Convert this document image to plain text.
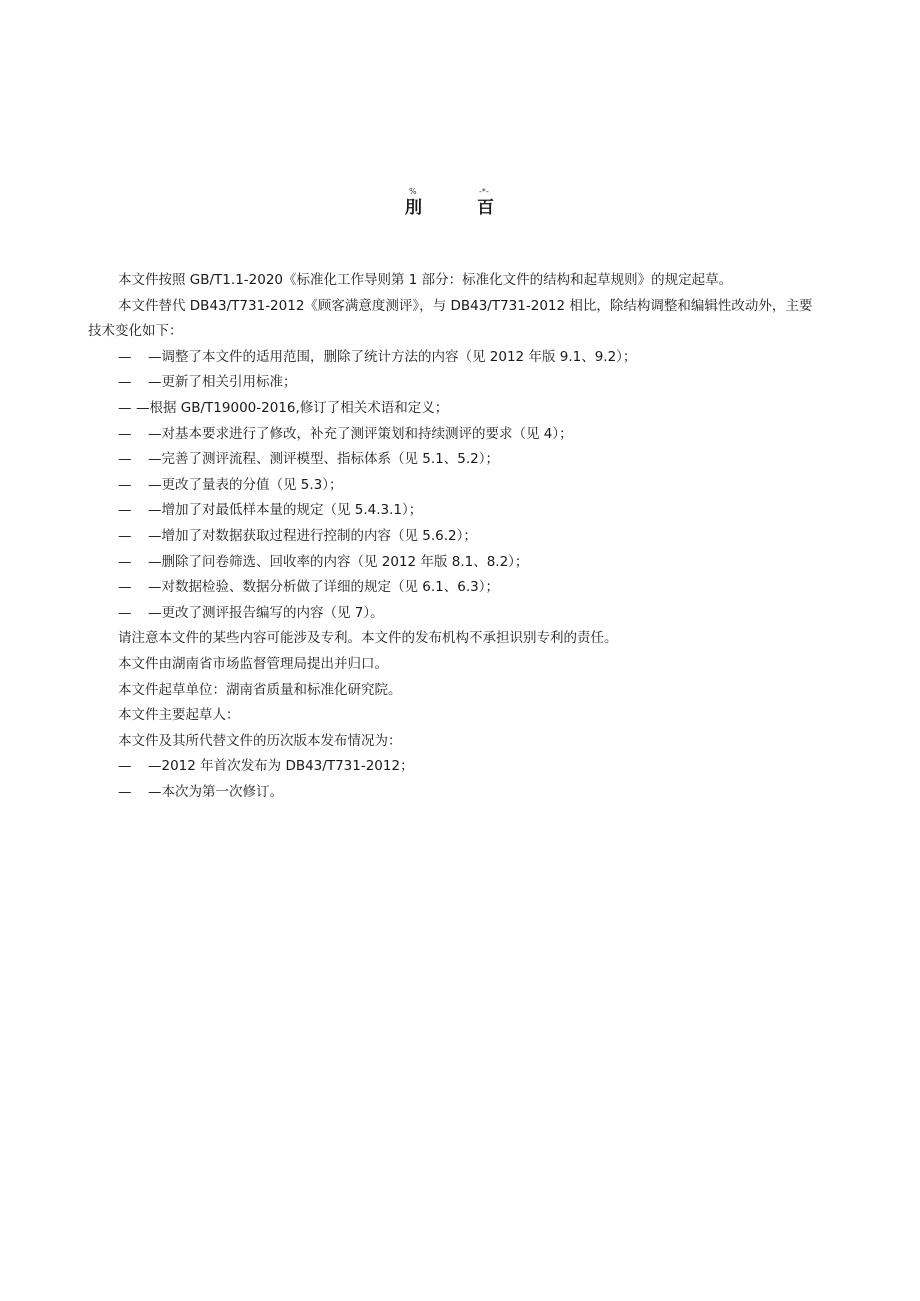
%
刖
-*-
百

本文件按照 GB/T1.1-2020《标准化工作导则第 1 部分：标准化文件的结构和起草规则》的规定起草。

本文件替代 DB43/T731-2012《顾客满意度测评》，与 DB43/T731-2012 相比，除结构调整和编辑性改动外，主要技术变化如下：

—	—调整了本文件的适用范围，删除了统计方法的内容（见 2012 年版 9.1、9.2）；
—	—更新了相关引用标准；
— —根据 GB/T19000-2016,修订了相关术语和定义；
—	—对基本要求进行了修改，补充了测评策划和持续测评的要求（见 4）；
—	—完善了测评流程、测评模型、指标体系（见 5.1、5.2）；
—	—更改了量表的分值（见 5.3）；
—	—增加了对最低样本量的规定（见 5.4.3.1）；
—	—增加了对数据获取过程进行控制的内容（见 5.6.2）；
—	—删除了问卷筛选、回收率的内容（见 2012 年版 8.1、8.2）；
—	—对数据检验、数据分析做了详细的规定（见 6.1、6.3）；
—	—更改了测评报告编写的内容（见 7）。

请注意本文件的某些内容可能涉及专利。本文件的发布机构不承担识别专利的责任。

本文件由湖南省市场监督管理局提出并归口。

本文件起草单位：湖南省质量和标准化研究院。

本文件主要起草人：

本文件及其所代替文件的历次版本发布情况为：

—	—2012 年首次发布为 DB43/T731-2012；
—	—本次为第一次修订。
